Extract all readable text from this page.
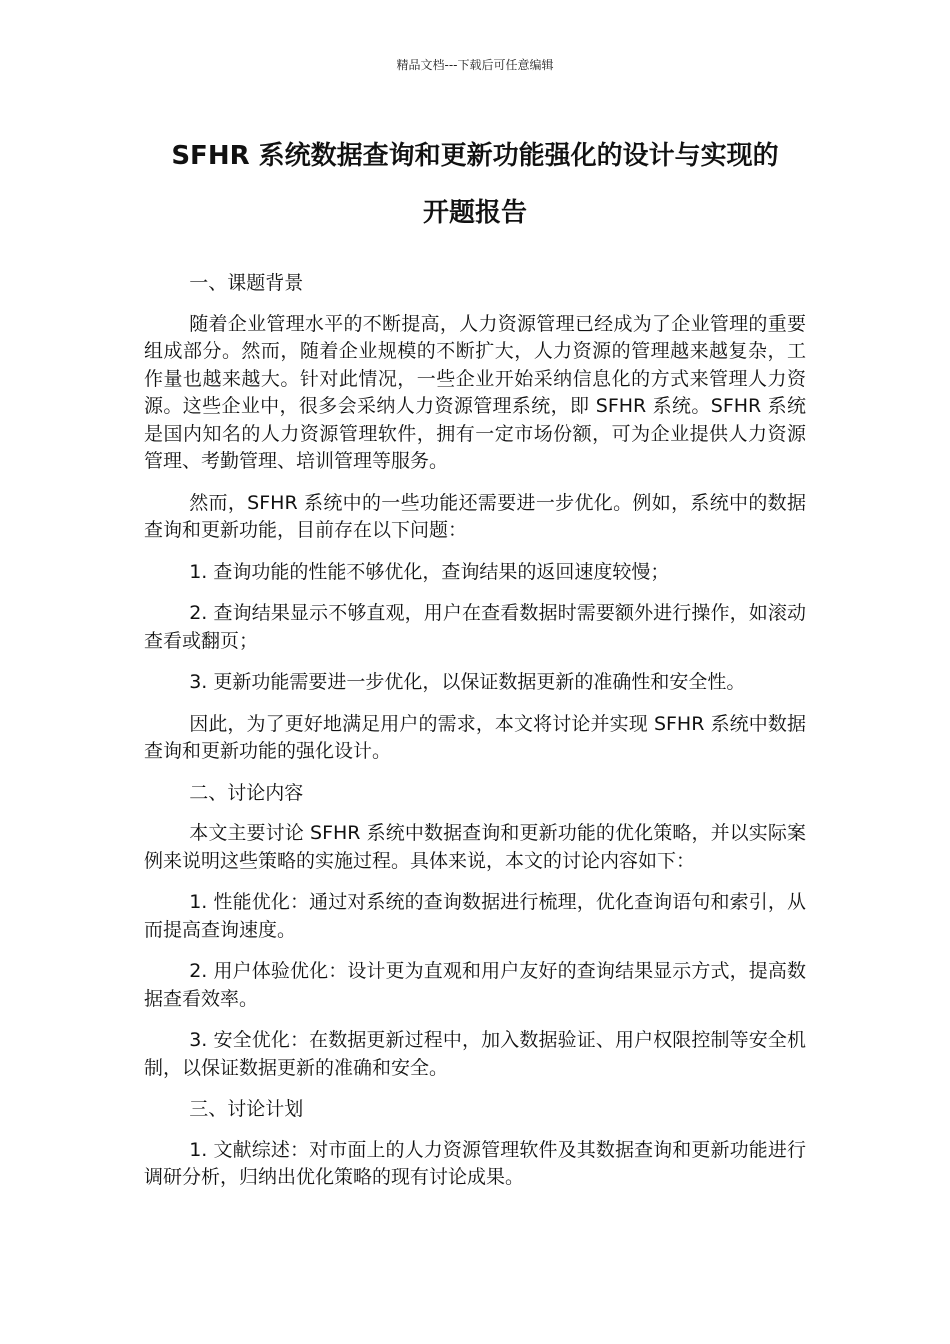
精品文档---下载后可任意编辑
SFHR 系统数据查询和更新功能强化的设计与实现的
开题报告

一、课题背景

随着企业管理水平的不断提高，人力资源管理已经成为了企业管理的重要组成部分。然而，随着企业规模的不断扩大，人力资源的管理越来越复杂，工作量也越来越大。针对此情况，一些企业开始采纳信息化的方式来管理人力资源。这些企业中，很多会采纳人力资源管理系统，即 SFHR 系统。SFHR 系统是国内知名的人力资源管理软件，拥有一定市场份额，可为企业提供人力资源管理、考勤管理、培训管理等服务。

然而，SFHR 系统中的一些功能还需要进一步优化。例如，系统中的数据查询和更新功能，目前存在以下问题：

1. 查询功能的性能不够优化，查询结果的返回速度较慢；

2. 查询结果显示不够直观，用户在查看数据时需要额外进行操作，如滚动查看或翻页；

3. 更新功能需要进一步优化，以保证数据更新的准确性和安全性。

因此，为了更好地满足用户的需求，本文将讨论并实现 SFHR 系统中数据查询和更新功能的强化设计。

二、讨论内容

本文主要讨论 SFHR 系统中数据查询和更新功能的优化策略，并以实际案例来说明这些策略的实施过程。具体来说，本文的讨论内容如下：

1. 性能优化：通过对系统的查询数据进行梳理，优化查询语句和索引，从而提高查询速度。

2. 用户体验优化：设计更为直观和用户友好的查询结果显示方式，提高数据查看效率。

3. 安全优化：在数据更新过程中，加入数据验证、用户权限控制等安全机制，以保证数据更新的准确和安全。

三、讨论计划

1. 文献综述：对市面上的人力资源管理软件及其数据查询和更新功能进行调研分析，归纳出优化策略的现有讨论成果。
